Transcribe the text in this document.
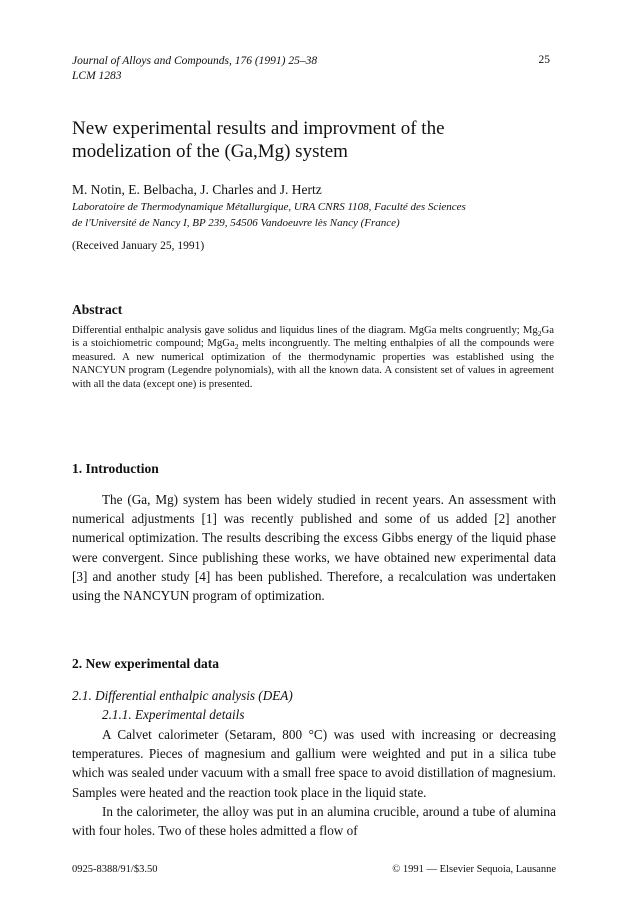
Journal of Alloys and Compounds, 176 (1991) 25–38
LCM 1283
25
New experimental results and improvment of the
modelization of the (Ga,Mg) system
M. Notin, E. Belbacha, J. Charles and J. Hertz
Laboratoire de Thermodynamique Métallurgique, URA CNRS 1108, Faculté des Sciences
de l'Université de Nancy I, BP 239, 54506 Vandoeuvre lès Nancy (France)
(Received January 25, 1991)
Abstract
Differential enthalpic analysis gave solidus and liquidus lines of the diagram. MgGa melts congruently; $Mg_2Ga$ is a stoichiometric compound; MgGa$_2$ melts incongruently. The melting enthalpies of all the compounds were measured. A new numerical optimization of the thermodynamic properties was established using the NANCYUN program (Legendre polynomials), with all the known data. A consistent set of values in agreement with all the data (except one) is presented.
1. Introduction

The (Ga, Mg) system has been widely studied in recent years. An assessment with numerical adjustments [1] was recently published and some of us added [2] another numerical optimization. The results describing the excess Gibbs energy of the liquid phase were convergent. Since publishing these works, we have obtained new experimental data [3] and another study [4] has been published. Therefore, a recalculation was undertaken using the NANCYUN program of optimization.

2. New experimental data
2.1. Differential enthalpic analysis (DEA)
2.1.1. Experimental details

A Calvet calorimeter (Setaram, 800 °C) was used with increasing or decreasing temperatures. Pieces of magnesium and gallium were weighted and put in a silica tube which was sealed under vacuum with a small free space to avoid distillation of magnesium. Samples were heated and the reaction took place in the liquid state.

In the calorimeter, the alloy was put in an alumina crucible, around a tube of alumina with four holes. Two of these holes admitted a flow of

0925-8388/91/$3.50	© 1991 — Elsevier Sequoia, Lausanne
